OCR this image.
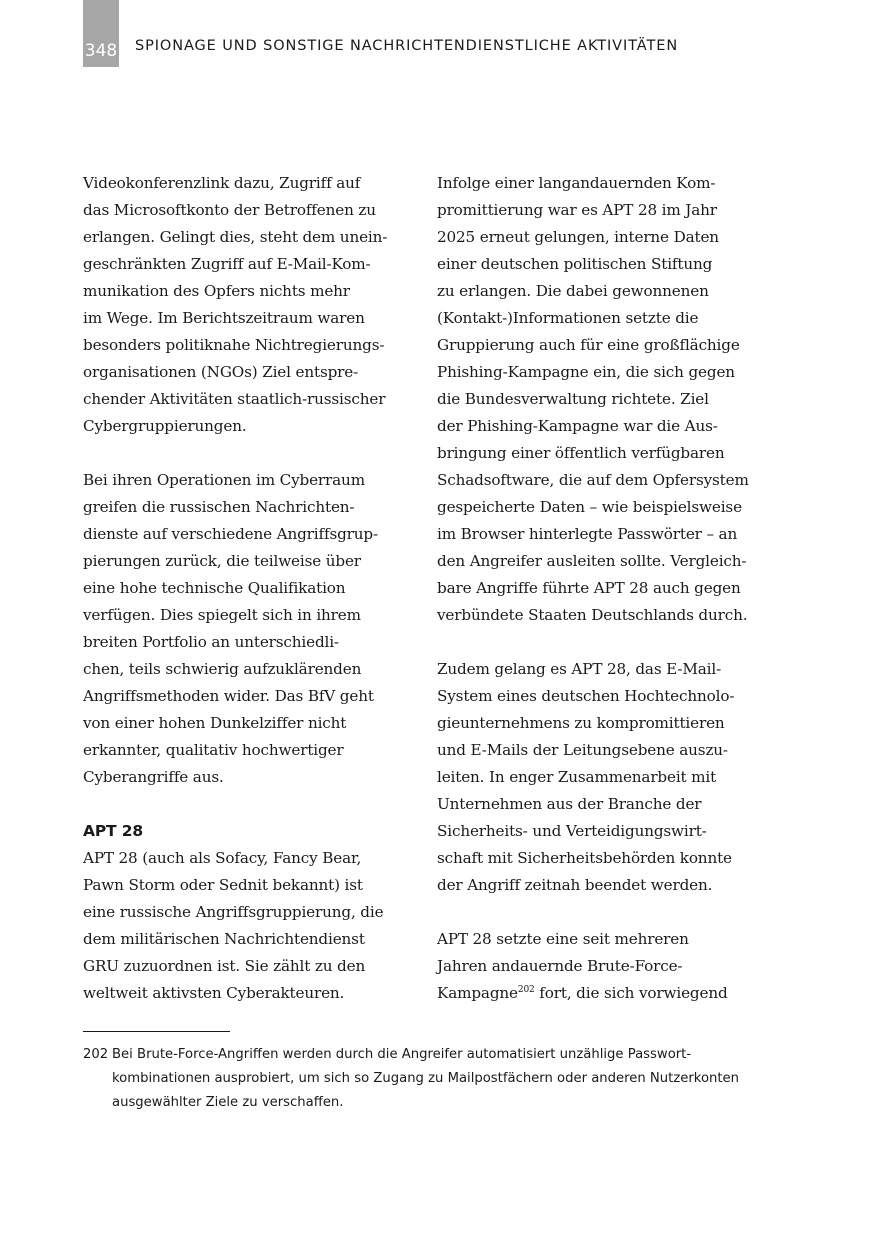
348 SPIONAGE UND SONSTIGE NACHRICHTENDIENSTLICHE AKTIVITÄTEN
Videokonferenzlink dazu, Zugriff auf
das Microsoftkonto der Betroffenen zu
erlangen. Gelingt dies, steht dem unein-
geschränkten Zugriff auf E-Mail-Kom-
munikation des Opfers nichts mehr
im Wege. Im Berichtszeitraum waren
besonders politiknahe Nichtregierungs-
organisationen (NGOs) Ziel entspre-
chender Aktivitäten staatlich-russischer
Cybergruppierungen.
Bei ihren Operationen im Cyberraum
greifen die russischen Nachrichten-
dienste auf verschiedene Angriffsgrup-
pierungen zurück, die teilweise über
eine hohe technische Qualifikation
verfügen. Dies spiegelt sich in ihrem
breiten Portfolio an unterschiedli-
chen, teils schwierig aufzuklärenden
Angriffsmethoden wider. Das BfV geht
von einer hohen Dunkelziffer nicht
erkannter, qualitativ hochwertiger
Cyberangriffe aus.
APT 28
APT 28 (auch als Sofacy, Fancy Bear,
Pawn Storm oder Sednit bekannt) ist
eine russische Angriffsgruppierung, die
dem militärischen Nachrichtendienst
GRU zuzuordnen ist. Sie zählt zu den
weltweit aktivsten Cyberakteuren.
Infolge einer langandauernden Kom-
promittierung war es APT 28 im Jahr
2025 erneut gelungen, interne Daten
einer deutschen politischen Stiftung
zu erlangen. Die dabei gewonnenen
(Kontakt-)Informationen setzte die
Gruppierung auch für eine großflächige
Phishing-Kampagne ein, die sich gegen
die Bundesverwaltung richtete. Ziel
der Phishing-Kampagne war die Aus-
bringung einer öffentlich verfügbaren
Schadsoftware, die auf dem Opfersystem
gespeicherte Daten – wie beispielsweise
im Browser hinterlegte Passwörter – an
den Angreifer ausleiten sollte. Vergleich-
bare Angriffe führte APT 28 auch gegen
verbündete Staaten Deutschlands durch.
Zudem gelang es APT 28, das E-Mail-
System eines deutschen Hochtechnolo-
gieunternehmens zu kompromittieren
und E-Mails der Leitungsebene auszu-
leiten. In enger Zusammenarbeit mit
Unternehmen aus der Branche der
Sicherheits- und Verteidigungswirt-
schaft mit Sicherheitsbehörden konnte
der Angriff zeitnah beendet werden.
APT 28 setzte eine seit mehreren
Jahren andauernde Brute-Force-
Kampagne$^{202}$ fort, die sich vorwiegend
202 Bei Brute-Force-Angriffen werden durch die Angreifer automatisiert unzählige Passwort-
kombinationen ausprobiert, um sich so Zugang zu Mailpostfächern oder anderen Nutzerkonten
ausgewählter Ziele zu verschaffen.
